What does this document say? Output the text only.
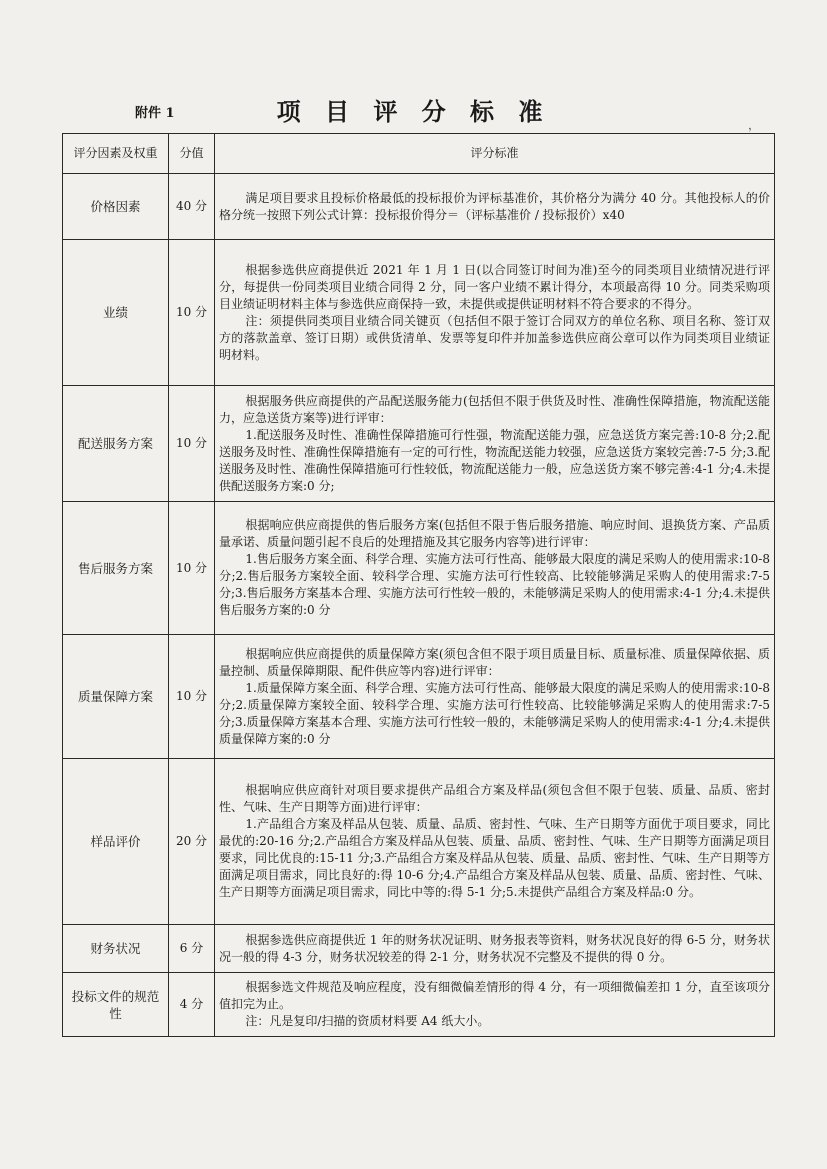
附件 1	项 目 评 分 标 准	，
评分因素及权重	分值	评分标准
价格因素	40 分	满足项目要求且投标价格最低的投标报价为评标基准价，其价格分为满分 40 分。其他投标人的价格分统一按照下列公式计算：投标报价得分＝（评标基准价 / 投标报价）x40

业绩	10 分	根据参选供应商提供近 2021 年 1 月 1 日(以合同签订时间为准)至今的同类项目业绩情况进行评分，每提供一份同类项目业绩合同得 2 分，同一客户业绩不累计得分，本项最高得 10 分。同类采购项目业绩证明材料主体与参选供应商保持一致，未提供或提供证明材料不符合要求的不得分。

注：须提供同类项目业绩合同关键页（包括但不限于签订合同双方的单位名称、项目名称、签订双方的落款盖章、签订日期）或供货清单、发票等复印件并加盖参选供应商公章可以作为同类项目业绩证明材料。

配送服务方案	10 分	根据服务供应商提供的产品配送服务能力(包括但不限于供货及时性、准确性保障措施，物流配送能力，应急送货方案等)进行评审：

1.配送服务及时性、准确性保障措施可行性强，物流配送能力强，应急送货方案完善:10-8 分;2.配送服务及时性、准确性保障措施有一定的可行性，物流配送能力较强，应急送货方案较完善:7-5 分;3.配送服务及时性、准确性保障措施可行性较低，物流配送能力一般，应急送货方案不够完善:4-1 分;4.未提供配送服务方案:0 分;

售后服务方案	10 分	根据响应供应商提供的售后服务方案(包括但不限于售后服务措施、响应时间、退换货方案、产品质量承诺、质量问题引起不良后的处理措施及其它服务内容等)进行评审：

1.售后服务方案全面、科学合理、实施方法可行性高、能够最大限度的满足采购人的使用需求:10-8 分;2.售后服务方案较全面、较科学合理、实施方法可行性较高、比较能够满足采购人的使用需求:7-5 分;3.售后服务方案基本合理、实施方法可行性较一般的，未能够满足采购人的使用需求:4-1 分;4.未提供售后服务方案的:0 分

质量保障方案	10 分	根据响应供应商提供的质量保障方案(须包含但不限于项目质量目标、质量标准、质量保障依据、质量控制、质量保障期限、配件供应等内容)进行评审：

1.质量保障方案全面、科学合理、实施方法可行性高、能够最大限度的满足采购人的使用需求:10-8 分;2.质量保障方案较全面、较科学合理、实施方法可行性较高、比较能够满足采购人的使用需求:7-5 分;3.质量保障方案基本合理、实施方法可行性较一般的，未能够满足采购人的使用需求:4-1 分;4.未提供质量保障方案的:0 分

样品评价	20 分	根据响应供应商针对项目要求提供产品组合方案及样品(须包含但不限于包装、质量、品质、密封性、气味、生产日期等方面)进行评审：

1.产品组合方案及样品从包装、质量、品质、密封性、气味、生产日期等方面优于项目要求，同比最优的:20-16 分;2.产品组合方案及样品从包装、质量、品质、密封性、气味、生产日期等方面满足项目要求，同比优良的:15-11 分;3.产品组合方案及样品从包装、质量、品质、密封性、气味、生产日期等方面满足项目需求，同比良好的:得 10-6 分;4.产品组合方案及样品从包装、质量、品质、密封性、气味、生产日期等方面满足项目需求，同比中等的:得 5-1 分;5.未提供产品组合方案及样品:0 分。

财务状况	6 分	根据参选供应商提供近 1 年的财务状况证明、财务报表等资料，财务状况良好的得 6-5 分，财务状况一般的得 4-3 分，财务状况较差的得 2-1 分，财务状况不完整及不提供的得 0 分。

投标文件的规范性	4 分	根据参选文件规范及响应程度，没有细微偏差情形的得 4 分，有一项细微偏差扣 1 分，直至该项分值扣完为止。

注：凡是复印/扫描的资质材料要 A4 纸大小。
